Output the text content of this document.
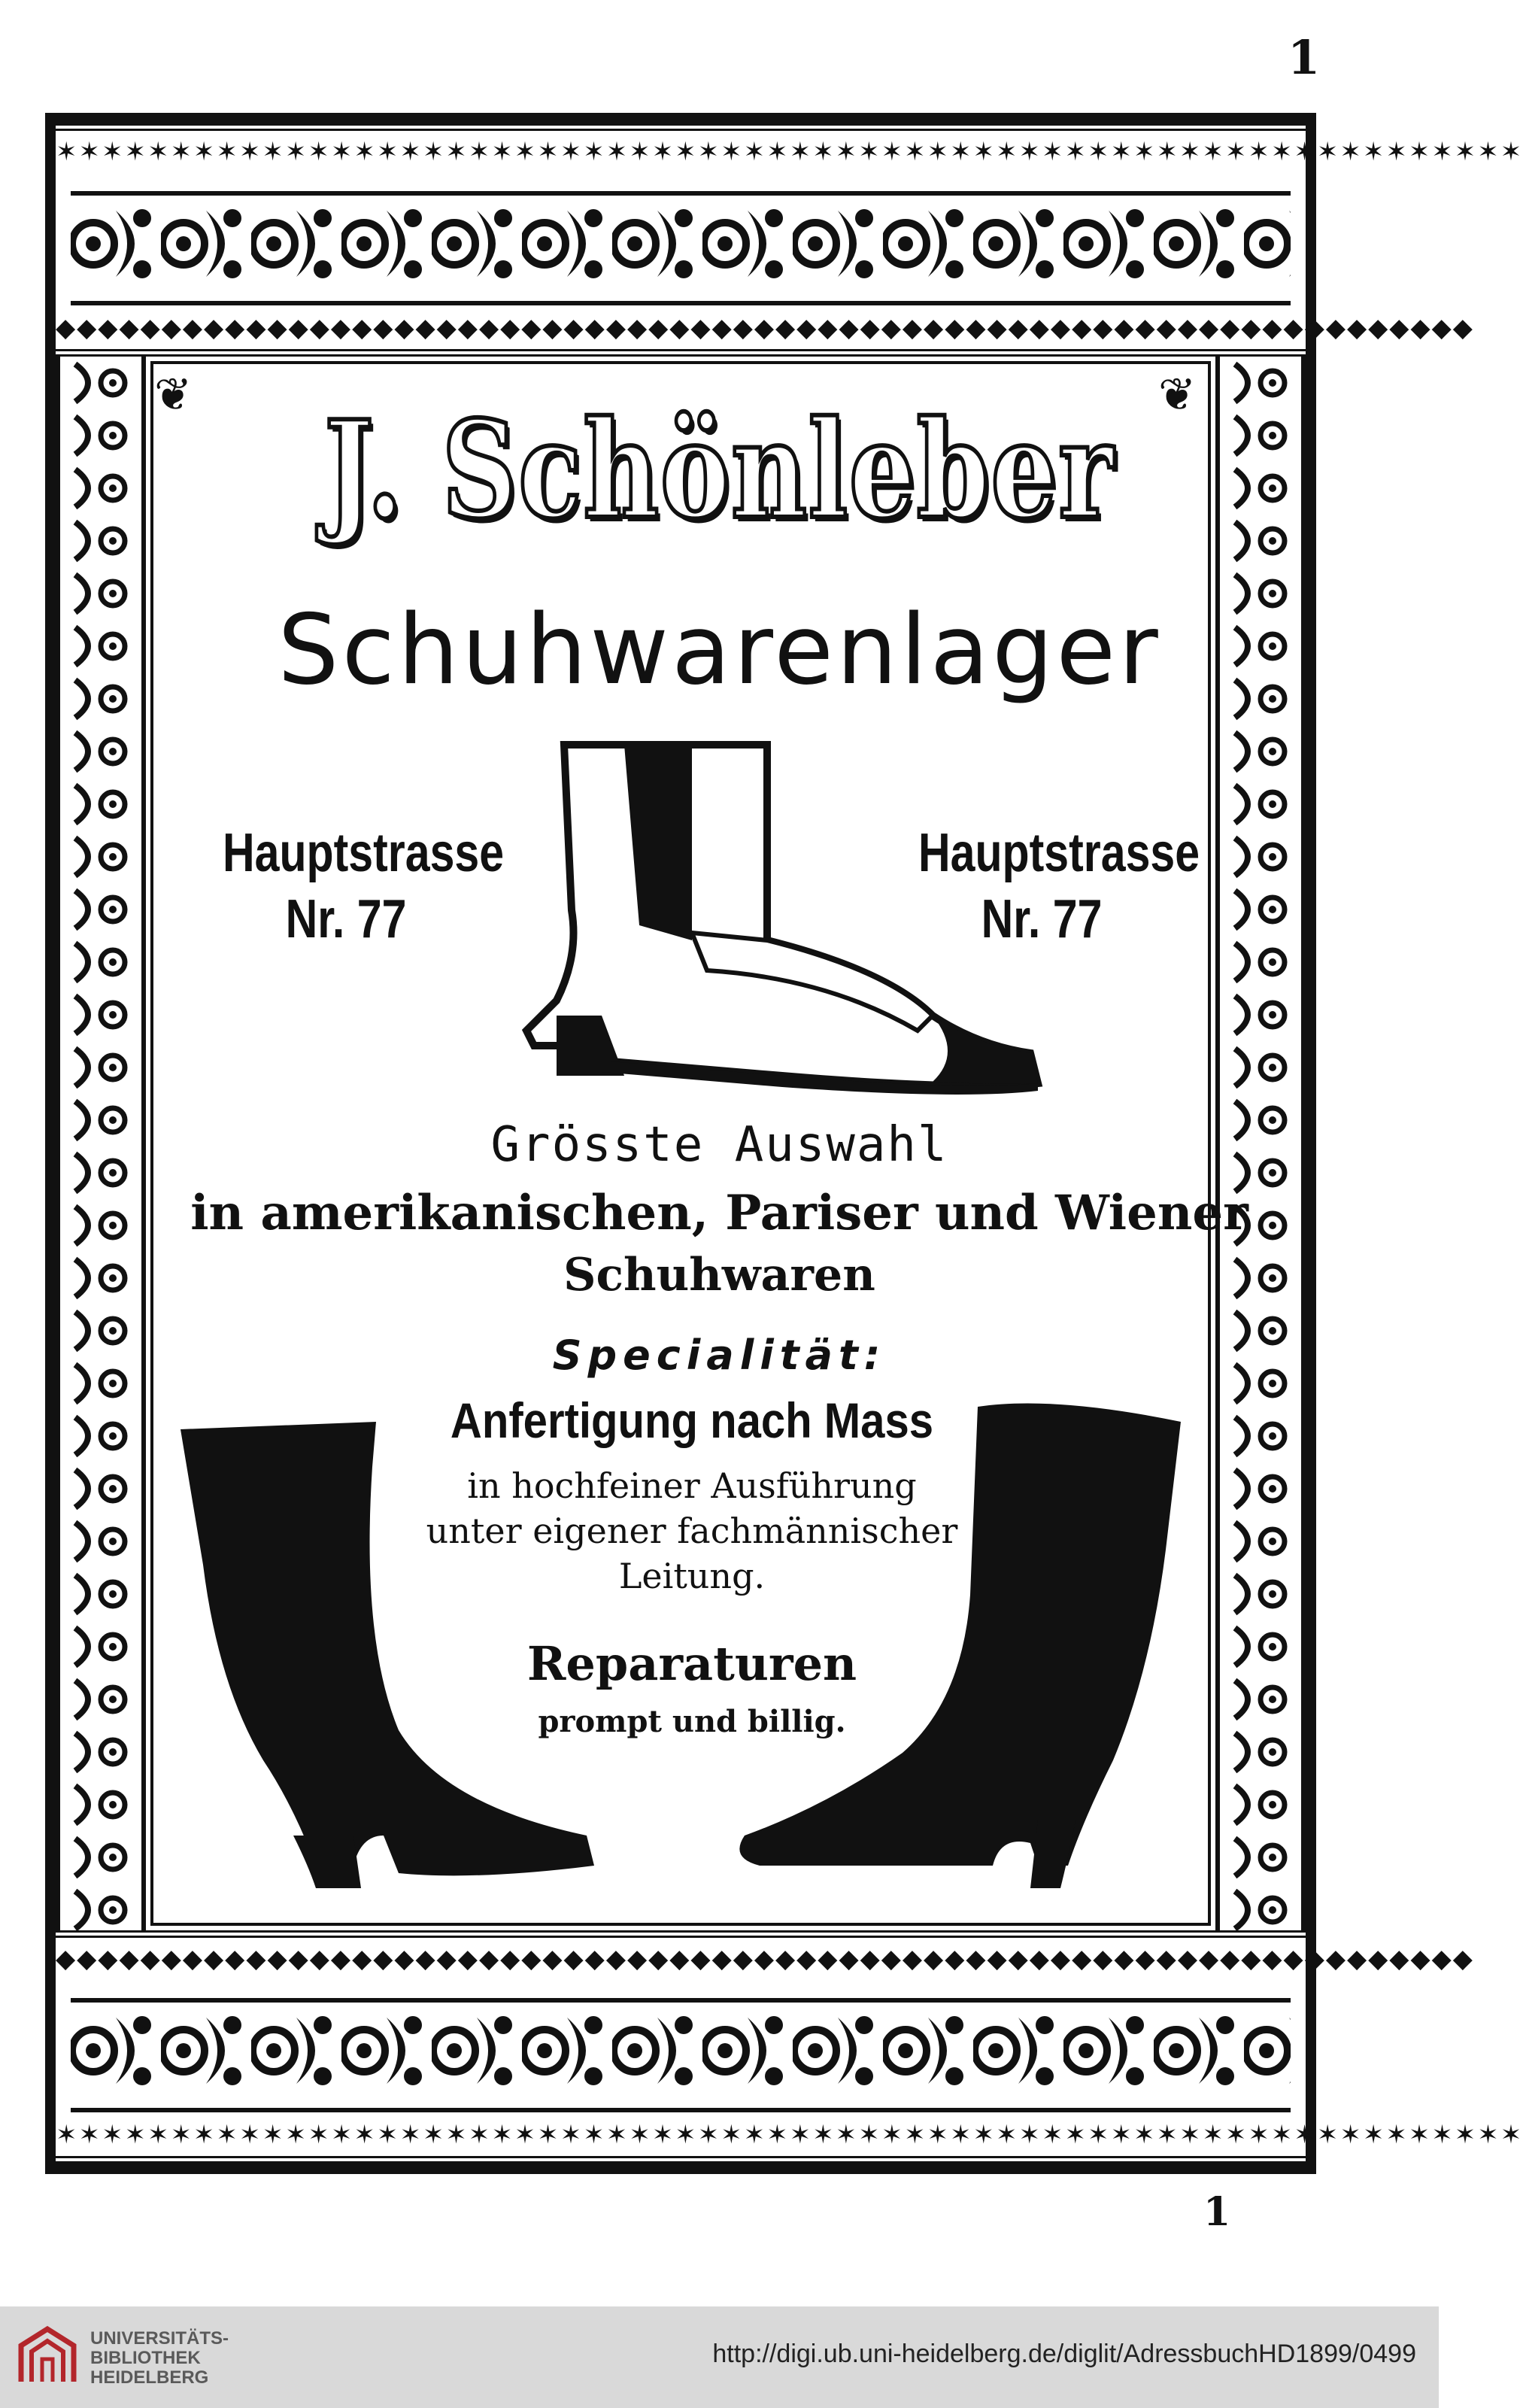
1
✶✶✶✶✶✶✶✶✶✶✶✶✶✶✶✶✶✶✶✶✶✶✶✶✶✶✶✶✶✶✶✶✶✶✶✶✶✶✶✶✶✶✶✶✶✶✶✶✶✶✶✶✶✶✶✶✶✶✶✶✶✶✶✶
◆◆◆◆◆◆◆◆◆◆◆◆◆◆◆◆◆◆◆◆◆◆◆◆◆◆◆◆◆◆◆◆◆◆◆◆◆◆◆◆◆◆◆◆◆◆◆◆◆◆◆◆◆◆◆◆◆◆◆◆◆◆◆◆◆◆◆
◆◆◆◆◆◆◆◆◆◆◆◆◆◆◆◆◆◆◆◆◆◆◆◆◆◆◆◆◆◆◆◆◆◆◆◆◆◆◆◆◆◆◆◆◆◆◆◆◆◆◆◆◆◆◆◆◆◆◆◆◆◆◆◆◆◆◆
✶✶✶✶✶✶✶✶✶✶✶✶✶✶✶✶✶✶✶✶✶✶✶✶✶✶✶✶✶✶✶✶✶✶✶✶✶✶✶✶✶✶✶✶✶✶✶✶✶✶✶✶✶✶✶✶✶✶✶✶✶✶✶✶
❦	❦
J. Schönleber
Schuhwarenlager
Hauptstrasse
Nr. 77
Hauptstrasse
Nr. 77
Grösste Auswahl
in amerikanischen, Pariser und Wiener
Schuhwaren
Specialität:
Anfertigung nach Mass
in hochfeiner Ausführung
unter eigener fachmännischer
Leitung.
Reparaturen
prompt und billig.
1
UNIVERSITÄTS-
BIBLIOTHEK
HEIDELBERG
http://digi.ub.uni-heidelberg.de/diglit/AdressbuchHD1899/0499
